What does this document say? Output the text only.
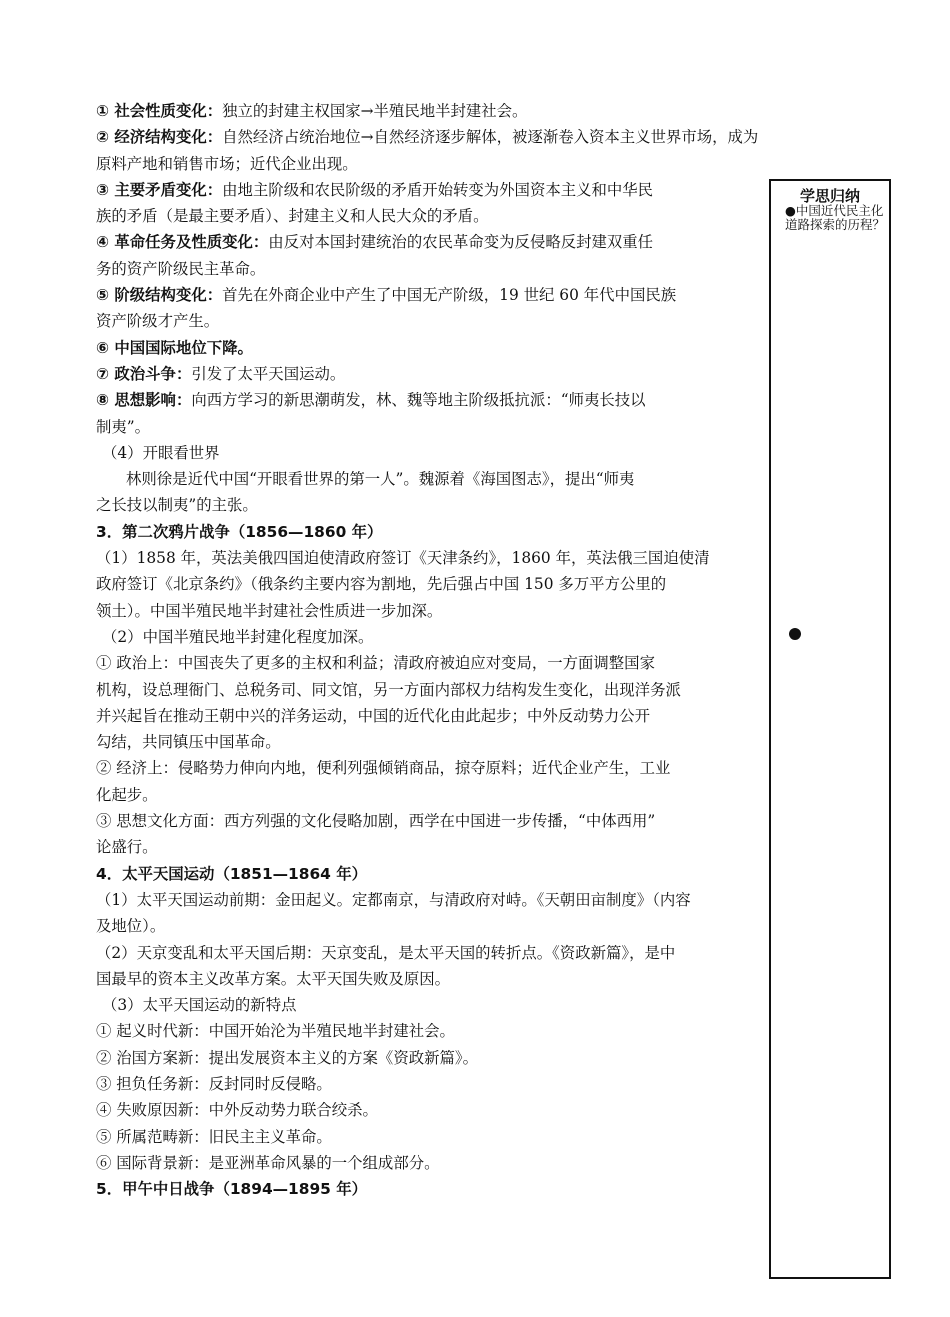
① 社会性质变化：独立的封建主权国家→半殖民地半封建社会。
② 经济结构变化：自然经济占统治地位→自然经济逐步解体，被逐渐卷入资本主义世界市场，成为
原料产地和销售市场；近代企业出现。
③ 主要矛盾变化：由地主阶级和农民阶级的矛盾开始转变为外国资本主义和中华民
族的矛盾（是最主要矛盾）、封建主义和人民大众的矛盾。
④ 革命任务及性质变化：由反对本国封建统治的农民革命变为反侵略反封建双重任
务的资产阶级民主革命。
⑤ 阶级结构变化：首先在外商企业中产生了中国无产阶级，19 世纪 60 年代中国民族
资产阶级才产生。
⑥ 中国国际地位下降。
⑦ 政治斗争：引发了太平天国运动。
⑧ 思想影响：向西方学习的新思潮萌发，林、魏等地主阶级抵抗派：“师夷长技以
制夷”。
（4）开眼看世界
林则徐是近代中国“开眼看世界的第一人”。魏源着《海国图志》，提出“师夷
之长技以制夷”的主张。
3．第二次鸦片战争（1856—1860 年）
（1）1858 年，英法美俄四国迫使清政府签订《天津条约》，1860 年，英法俄三国迫使清
政府签订《北京条约》（俄条约主要内容为割地，先后强占中国 150 多万平方公里的
领土）。中国半殖民地半封建社会性质进一步加深。
（2）中国半殖民地半封建化程度加深。
① 政治上：中国丧失了更多的主权和利益；清政府被迫应对变局，一方面调整国家
机构，设总理衙门、总税务司、同文馆，另一方面内部权力结构发生变化，出现洋务派
并兴起旨在推动王朝中兴的洋务运动，中国的近代化由此起步；中外反动势力公开
勾结，共同镇压中国革命。
② 经济上：侵略势力伸向内地，便利列强倾销商品，掠夺原料；近代企业产生，工业
化起步。
③ 思想文化方面：西方列强的文化侵略加剧，西学在中国进一步传播，“中体西用”
论盛行。
4．太平天国运动（1851—1864 年）
（1）太平天国运动前期：金田起义。定都南京，与清政府对峙。《天朝田亩制度》（内容
及地位）。
（2）天京变乱和太平天国后期：天京变乱，是太平天国的转折点。《资政新篇》，是中
国最早的资本主义改革方案。太平天国失败及原因。
（3）太平天国运动的新特点
① 起义时代新：中国开始沦为半殖民地半封建社会。
② 治国方案新：提出发展资本主义的方案《资政新篇》。
③ 担负任务新：反封同时反侵略。
④ 失败原因新：中外反动势力联合绞杀。
⑤ 所属范畴新：旧民主主义革命。
⑥ 国际背景新：是亚洲革命风暴的一个组成部分。
5．甲午中日战争（1894—1895 年）
学思归纳
●中国近代民主化道路探索的历程？
